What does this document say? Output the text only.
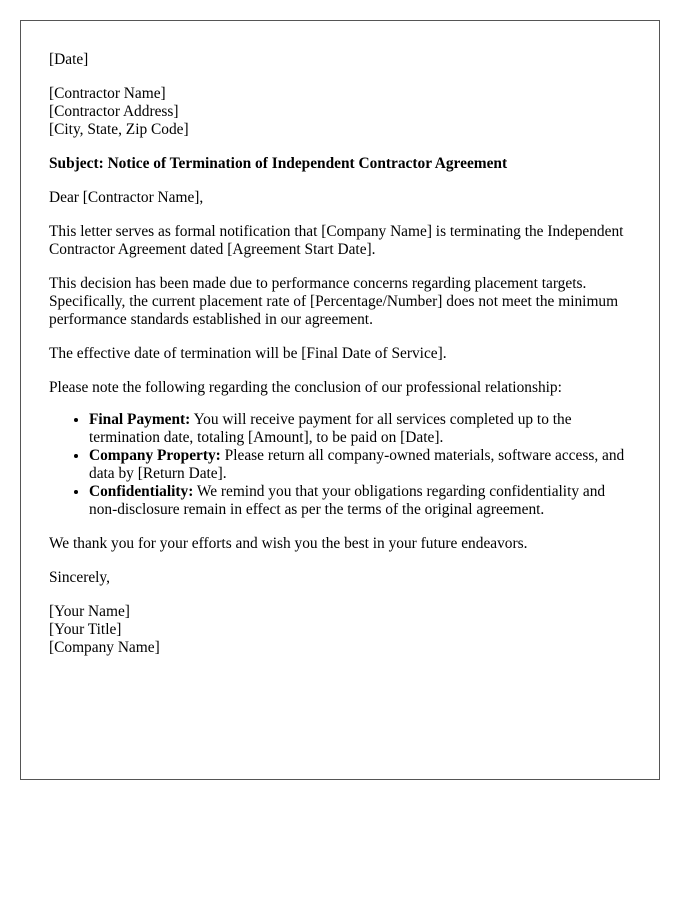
[Date]

[Contractor Name]
[Contractor Address]
[City, State, Zip Code]

Subject: Notice of Termination of Independent Contractor Agreement

Dear [Contractor Name],

This letter serves as formal notification that [Company Name] is terminating the Independent Contractor Agreement dated [Agreement Start Date].

This decision has been made due to performance concerns regarding placement targets. Specifically, the current placement rate of [Percentage/Number] does not meet the minimum performance standards established in our agreement.

The effective date of termination will be [Final Date of Service].

Please note the following regarding the conclusion of our professional relationship:

• Final Payment: You will receive payment for all services completed up to the termination date, totaling [Amount], to be paid on [Date].
• Company Property: Please return all company-owned materials, software access, and data by [Return Date].
• Confidentiality: We remind you that your obligations regarding confidentiality and non-disclosure remain in effect as per the terms of the original agreement.

We thank you for your efforts and wish you the best in your future endeavors.

Sincerely,

[Your Name]
[Your Title]
[Company Name]
